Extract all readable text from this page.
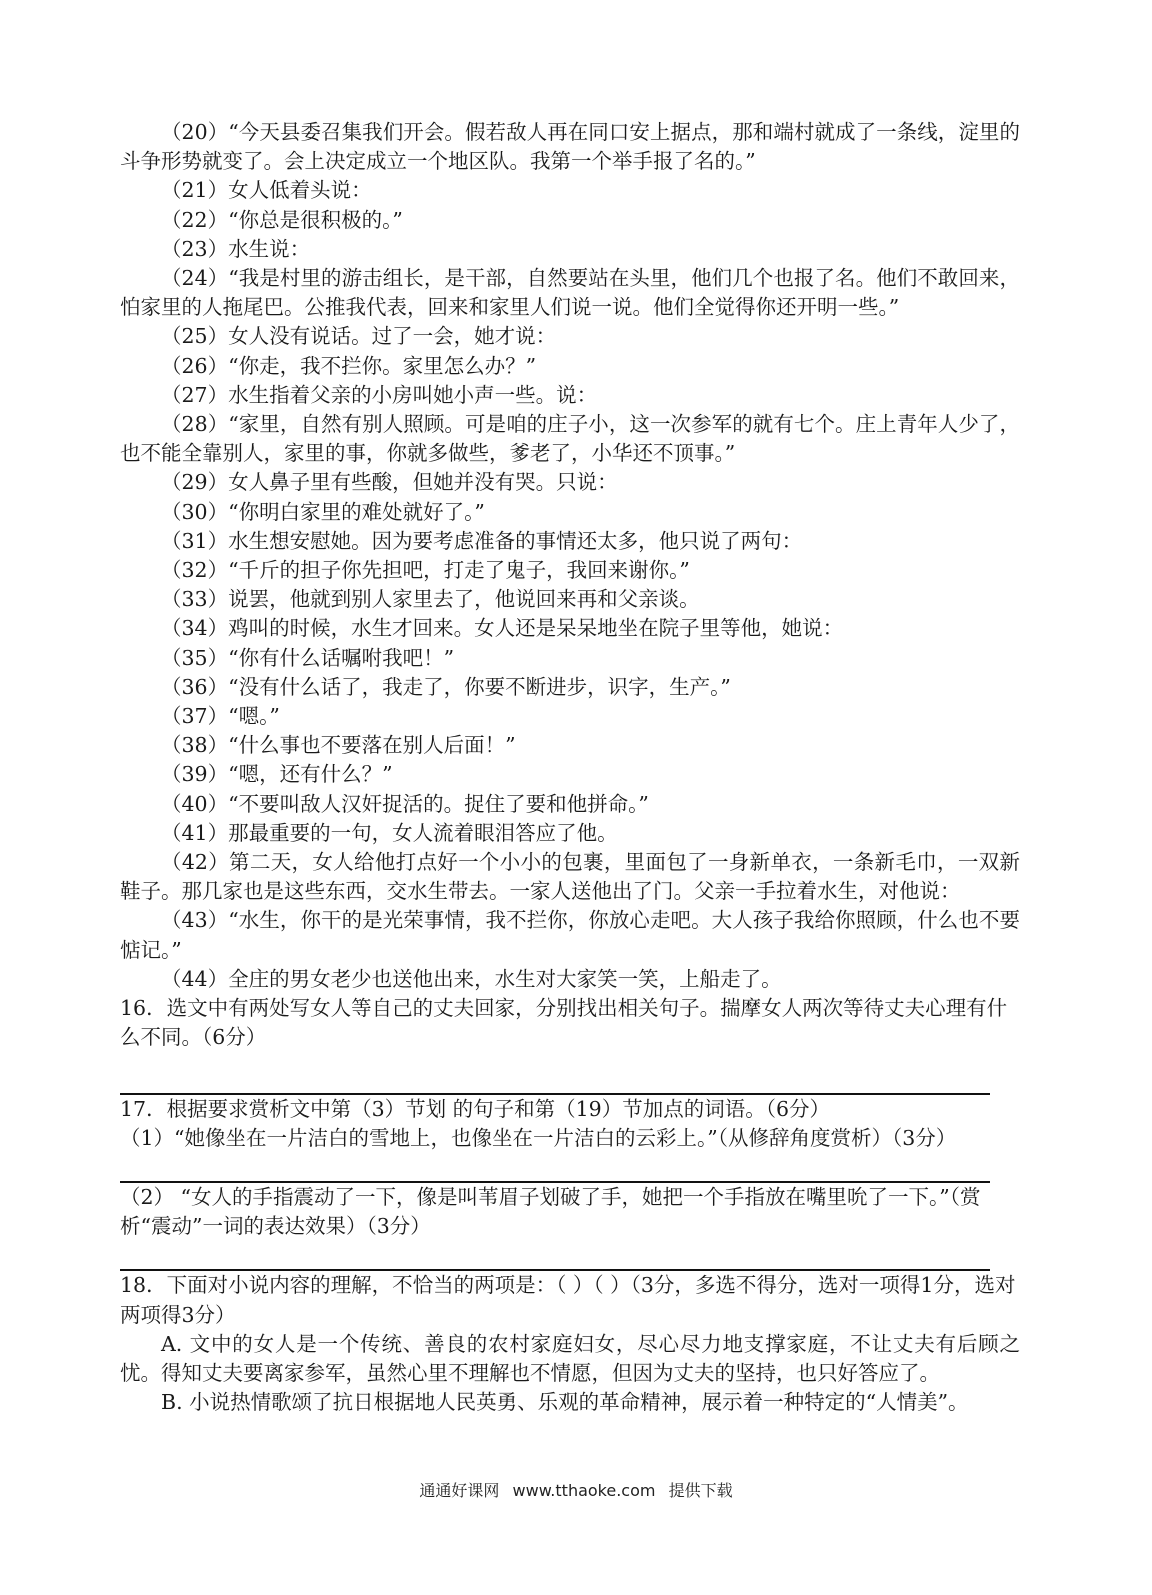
（20）“今天县委召集我们开会。假若敌人再在同口安上据点，那和端村就成了一条线，淀里的斗争形势就变了。会上决定成立一个地区队。我第一个举手报了名的。”

（21）女人低着头说：

（22）“你总是很积极的。”

（23）水生说：

（24）“我是村里的游击组长，是干部，自然要站在头里，他们几个也报了名。他们不敢回来，怕家里的人拖尾巴。公推我代表，回来和家里人们说一说。他们全觉得你还开明一些。”

（25）女人没有说话。过了一会，她才说：

（26）“你走，我不拦你。家里怎么办？”

（27）水生指着父亲的小房叫她小声一些。说：

（28）“家里，自然有别人照顾。可是咱的庄子小，这一次参军的就有七个。庄上青年人少了，也不能全靠别人，家里的事，你就多做些，爹老了，小华还不顶事。”

（29）女人鼻子里有些酸，但她并没有哭。只说：

（30）“你明白家里的难处就好了。”

（31）水生想安慰她。因为要考虑准备的事情还太多，他只说了两句：

（32）“千斤的担子你先担吧，打走了鬼子，我回来谢你。”

（33）说罢，他就到别人家里去了，他说回来再和父亲谈。

（34）鸡叫的时候，水生才回来。女人还是呆呆地坐在院子里等他，她说：

（35）“你有什么话嘱咐我吧！”

（36）“没有什么话了，我走了，你要不断进步，识字，生产。”

（37）“嗯。”

（38）“什么事也不要落在别人后面！”

（39）“嗯，还有什么？”

（40）“不要叫敌人汉奸捉活的。捉住了要和他拼命。”

（41）那最重要的一句，女人流着眼泪答应了他。

（42）第二天，女人给他打点好一个小小的包裹，里面包了一身新单衣，一条新毛巾，一双新鞋子。那几家也是这些东西，交水生带去。一家人送他出了门。父亲一手拉着水生，对他说：

（43）“水生，你干的是光荣事情，我不拦你，你放心走吧。大人孩子我给你照顾，什么也不要惦记。”

（44）全庄的男女老少也送他出来，水生对大家笑一笑，上船走了。

16．选文中有两处写女人等自己的丈夫回家，分别找出相关句子。揣摩女人两次等待丈夫心理有什么不同。（6分）

17．根据要求赏析文中第（3）节划 的句子和第（19）节加点的词语。（6分）

（1）“她像坐在一片洁白的雪地上，也像坐在一片洁白的云彩上。”（从修辞角度赏析）（3分）

（2） “女人的手指震动了一下，像是叫苇眉子划破了手，她把一个手指放在嘴里吮了一下。”（赏析“震动”一词的表达效果）（3分）

18．下面对小说内容的理解，不恰当的两项是：（ ）（ ）（3分，多选不得分，选对一项得1分，选对两项得3分）

A. 文中的女人是一个传统、善良的农村家庭妇女，尽心尽力地支撑家庭，不让丈夫有后顾之忧。得知丈夫要离家参军，虽然心里不理解也不情愿，但因为丈夫的坚持，也只好答应了。

B. 小说热情歌颂了抗日根据地人民英勇、乐观的革命精神，展示着一种特定的“人情美”。

通通好课网 www.tthaoke.com 提供下载
